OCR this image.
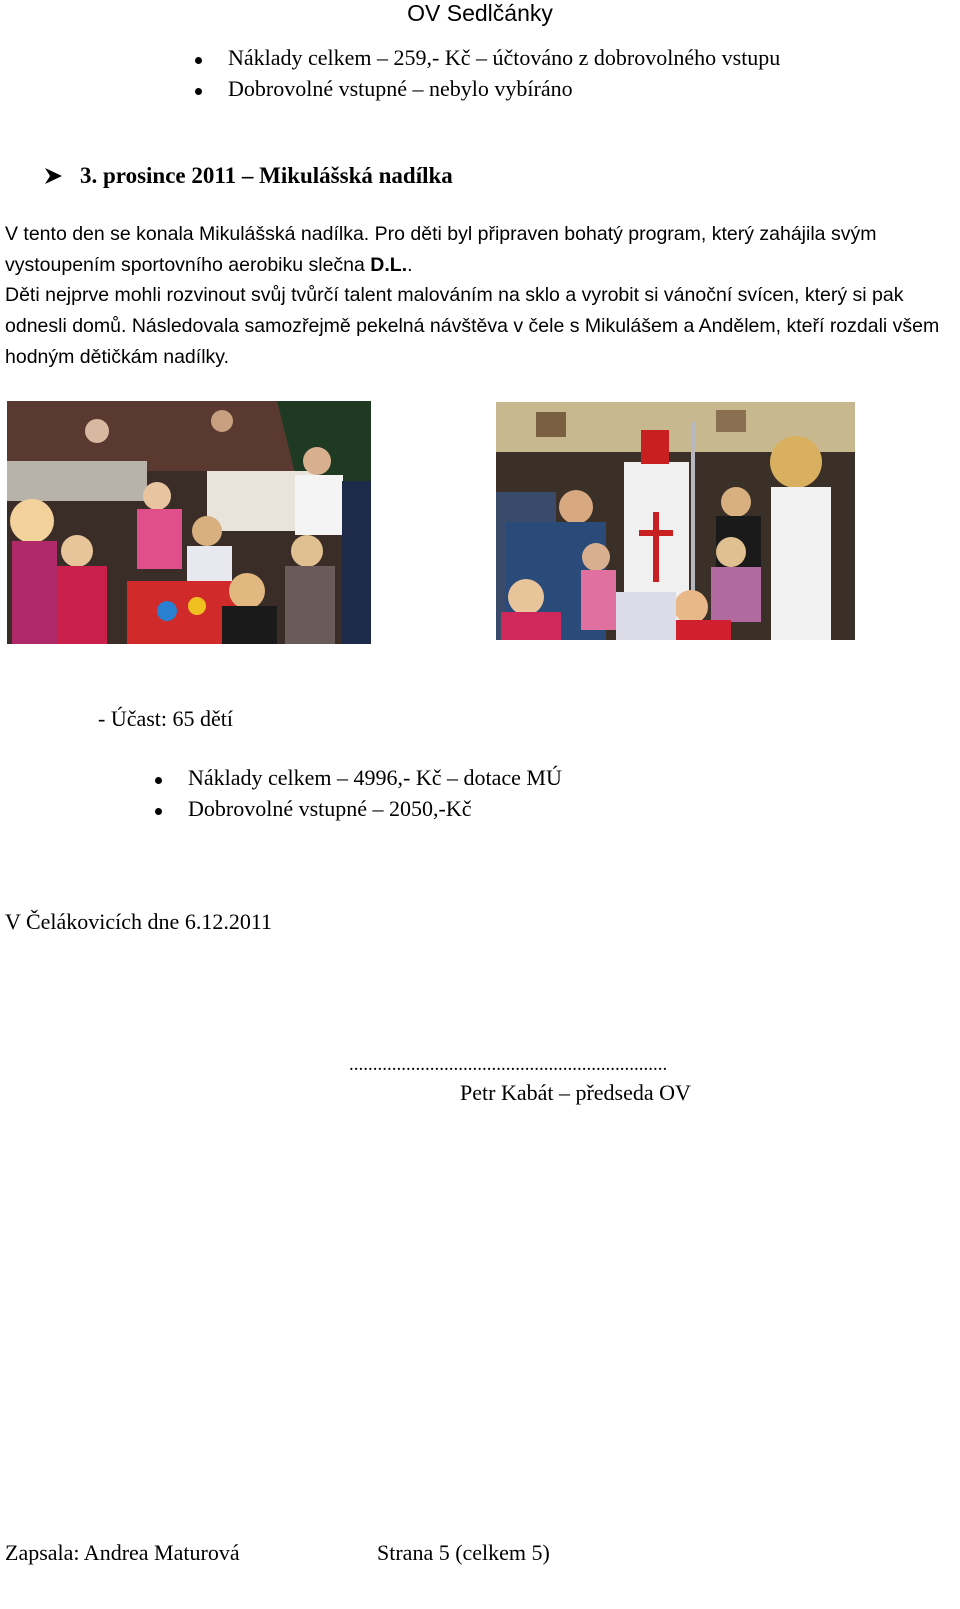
OV Sedlčánky
Náklady celkem – 259,- Kč – účtováno z dobrovolného vstupu
Dobrovolné vstupné – nebylo vybíráno
3. prosince 2011 – Mikulášská nadílka
V tento den se konala Mikulášská nadílka. Pro děti byl připraven bohatý program, který zahájila svým vystoupením sportovního aerobiku slečna D.L..
Děti nejprve mohli rozvinout svůj tvůrčí talent malováním na sklo a vyrobit si vánoční svícen, který si pak odnesli domů. Následovala samozřejmě pekelná návštěva v čele s Mikulášem a Andělem, kteří rozdali všem hodným dětičkám nadílky.
- Účast: 65 dětí
Náklady celkem – 4996,- Kč – dotace MÚ
Dobrovolné vstupné – 2050,-Kč
V Čelákovicích dne 6.12.2011
...................................................................
Petr Kabát – předseda OV
Zapsala: Andrea Maturová	Strana 5 (celkem 5)
